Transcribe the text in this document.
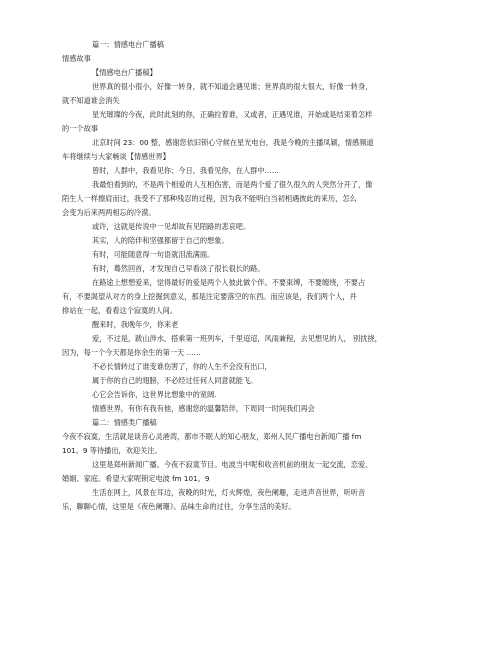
篇一：情感电台广播稿
情感故事
【情感电台广播稿】
世界真的很小很小，好像一转身，就不知道会遇见谁；世界真的很大很大，好像一转身，
就不知道谁会消失
星光璀璨的今夜，此时此刻的你，正确拉着谁，又或者，正遇见谁，开始或是结束着怎样
的一个故事
北京时间 23：00 整，感谢您依旧锁心守候在星光电台，我是今晚的主播凤颖，情感频道
车将继续与大家畅谈【情感世界】
曾时，人群中，我看见你；今日，我看见你，在人群中……
我最怕看到的，不是两个相爱的人互相伤害，而是两个爱了很久很久的人突然分开了，像
陌生人一样擦肩而过，我受不了那种残忍的过程，因为我不能明白当初相遇彼此的来历，怎么
会变为后来两两相忘的冷漠。
或许，这就是传说中一见却故有见陌路的悲哀吧。
其实，人的陪伴和坚强都留于自己的想象。
有时，可能随意得一句语就泪流满面。
有时，蓦然回首，才发现自己早看淡了很长很长的路。
在路途上想想爱来，觉得最好的爱是两个人彼此做个伴。不要束缚，不要缠绕，不要占
有，不要渴望从对方的身上挖掘到意义，那是注定要落空的东西。而应该是，我们两个人，并
排站在一起，看看这个寂寞的人间。
醒来时，我晚年少，你来老
爱，不过是，跋山涉水，搭乘第一班列车，千里迢迢，风雨兼程，去见想见的人， 别扰挠，
因为，每一个今天都是你余生的第一天 ……
不必长情转过了谁变谁伤害了，你的人生不会没有出口，
属于你的自己的翅膀，不必经过任何人同意就能飞。
心它会告诉你，这世界比想象中的宽阔.
情感世界，有你有我有他，感谢您的温馨陪伴，下周同一时间我们再会
篇二：情感类广播稿
今夜不寂寞，生活就是谈音心灵港湾，都市不眠人的知心朋友，郑州人民广播电台新闻广播 fm
101。9 等待播出，欢迎关注。
这里是郑州新闻广播。今夜不寂寞节目。电波当中呢和收音机前的朋友一起交流，恋爱、
婚姻、家庭。希望大家呢锁定电波 fm 101。9
生活在网上，风景在耳边，夜晚的时光，灯火辉煌，夜色阑珊，走进声音世界，听听音
乐，聊聊心情，这里是《夜色阑珊》。品味生命的过往，分享生活的美好。
